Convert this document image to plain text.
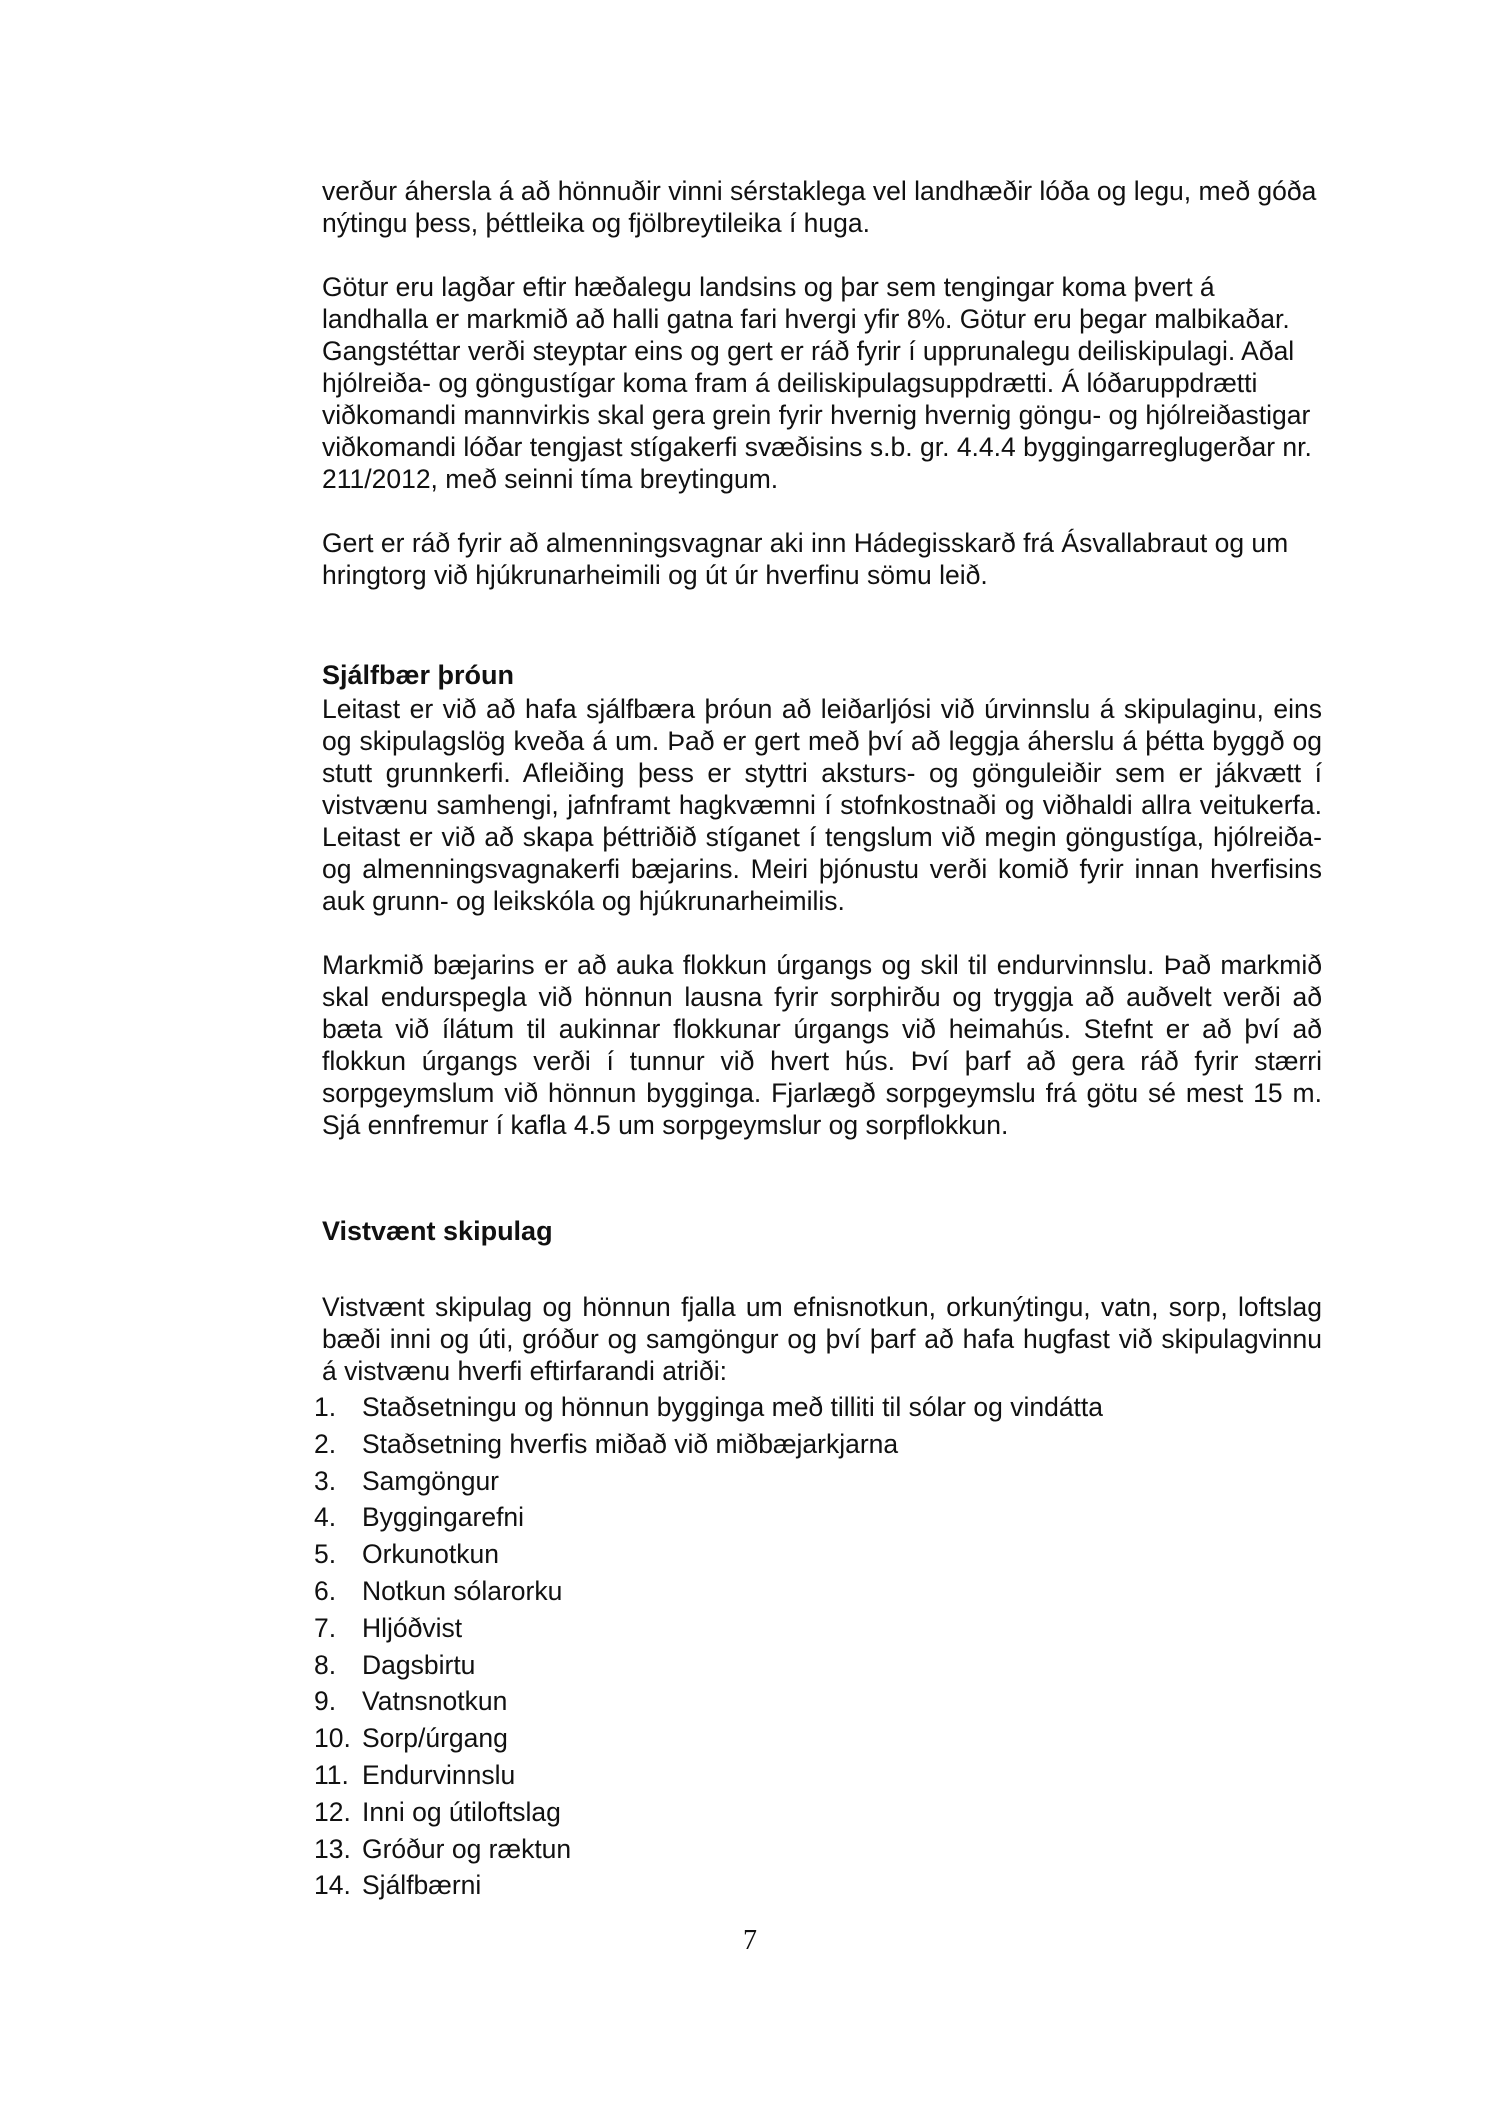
verður áhersla á að hönnuðir vinni sérstaklega vel landhæðir lóða og legu, með góða nýtingu þess, þéttleika og fjölbreytileika í huga.

Götur eru lagðar eftir hæðalegu landsins og þar sem tengingar koma þvert á landhalla er markmið að halli gatna fari hvergi yfir 8%. Götur eru þegar malbikaðar. Gangstéttar verði steyptar eins og gert er ráð fyrir í upprunalegu deiliskipulagi. Aðal hjólreiða- og göngustígar koma fram á deiliskipulagsuppdrætti. Á lóðaruppdrætti viðkomandi mannvirkis skal gera grein fyrir hvernig hvernig göngu- og hjólreiðastigar viðkomandi lóðar tengjast stígakerfi svæðisins s.b. gr. 4.4.4 byggingarreglugerðar nr. 211/2012, með seinni tíma breytingum.

Gert er ráð fyrir að almenningsvagnar aki inn Hádegisskarð frá Ásvallabraut og um hringtorg við hjúkrunarheimili og út úr hverfinu sömu leið.

Sjálfbær þróun

Leitast er við að hafa sjálfbæra þróun að leiðarljósi við úrvinnslu á skipulaginu, eins og skipulagslög kveða á um. Það er gert með því að leggja áherslu á þétta byggð og stutt grunnkerfi. Afleiðing þess er styttri aksturs- og gönguleiðir sem er jákvætt í vistvænu samhengi, jafnframt hagkvæmni í stofnkostnaði og viðhaldi allra veitukerfa. Leitast er við að skapa þéttriðið stíganet í tengslum við megin göngustíga, hjólreiða- og almenningsvagnakerfi bæjarins. Meiri þjónustu verði komið fyrir innan hverfisins auk grunn- og leikskóla og hjúkrunarheimilis.

Markmið bæjarins er að auka flokkun úrgangs og skil til endurvinnslu. Það markmið skal endurspegla við hönnun lausna fyrir sorphirðu og tryggja að auðvelt verði að bæta við ílátum til aukinnar flokkunar úrgangs við heimahús. Stefnt er að því að flokkun úrgangs verði í tunnur við hvert hús. Því þarf að gera ráð fyrir stærri sorpgeymslum við hönnun bygginga. Fjarlægð sorpgeymslu frá götu sé mest 15 m. Sjá ennfremur í kafla 4.5 um sorpgeymslur og sorpflokkun.

Vistvænt skipulag

Vistvænt skipulag og hönnun fjalla um efnisnotkun, orkunýtingu, vatn, sorp, loftslag bæði inni og úti, gróður og samgöngur og því þarf að hafa hugfast við skipulagvinnu á vistvænu hverfi eftirfarandi atriði:

1. Staðsetningu og hönnun bygginga með tilliti til sólar og vindátta
2. Staðsetning hverfis miðað við miðbæjarkjarna
3. Samgöngur
4. Byggingarefni
5. Orkunotkun
6. Notkun sólarorku
7. Hljóðvist
8. Dagsbirtu
9. Vatnsnotkun
10. Sorp/úrgang
11. Endurvinnslu
12. Inni og útiloftslag
13. Gróður og ræktun
14. Sjálfbærni
7
